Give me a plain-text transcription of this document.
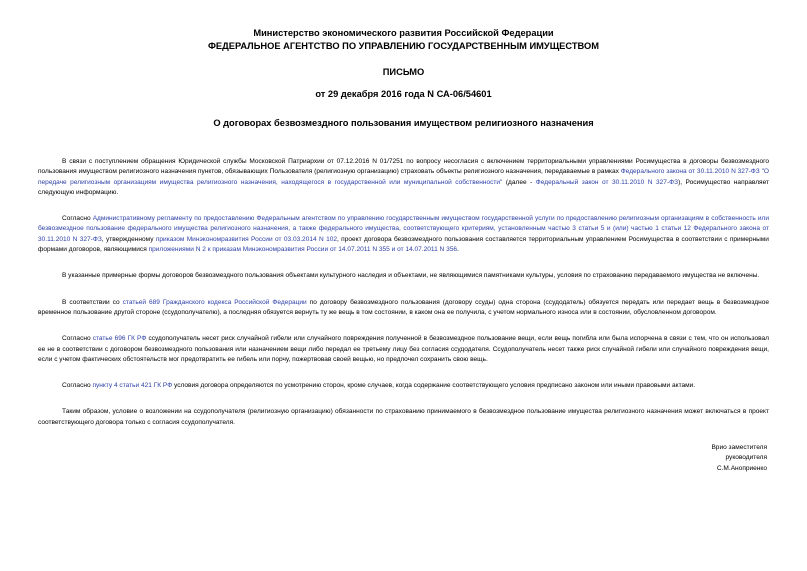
Министерство экономического развития Российской Федерации
ФЕДЕРАЛЬНОЕ АГЕНТСТВО ПО УПРАВЛЕНИЮ ГОСУДАРСТВЕННЫМ ИМУЩЕСТВОМ
ПИСЬМО
от 29 декабря 2016 года N СА-06/54601
О договорах безвозмездного пользования имуществом религиозного назначения

В связи с поступлением обращения Юридической службы Московской Патриархии от 07.12.2016 N 01/7251 по вопросу несогласия с включением территориальными управлениями Росимущества в договоры безвозмездного пользования имуществом религиозного назначения пунктов, обязывающих Пользователя (религиозную организацию) страховать объекты религиозного назначения, передаваемые в рамках Федерального закона от 30.11.2010 N 327-ФЗ "О передаче религиозным организациям имущества религиозного назначения, находящегося в государственной или муниципальной собственности" (далее - Федеральный закон от 30.11.2010 N 327-ФЗ), Росимущество направляет следующую информацию.

Согласно Административному регламенту по предоставлению Федеральным агентством по управлению государственным имуществом государственной услуги по предоставлению религиозным организациям в собственность или безвозмездное пользование федерального имущества религиозного назначения, а также федерального имущества, соответствующего критериям, установленным частью 3 статьи 5 и (или) частью 1 статьи 12 Федерального закона от 30.11.2010 N 327-ФЗ, утвержденному приказом Минэкономразвития России от 03.03.2014 N 102, проект договора безвозмездного пользования составляется территориальным управлением Росимущества в соответствии с примерными формами договоров, являющимися приложениями N 2 к приказам Минэкономразвития России от 14.07.2011 N 355 и от 14.07.2011 N 356.

В указанные примерные формы договоров безвозмездного пользования объектами культурного наследия и объектами, не являющимися памятниками культуры, условия по страхованию передаваемого имущества не включены.

В соответствии со статьей 689 Гражданского кодекса Российской Федерации по договору безвозмездного пользования (договору ссуды) одна сторона (ссудодатель) обязуется передать или передает вещь в безвозмездное временное пользование другой стороне (ссудополучателю), а последняя обязуется вернуть ту же вещь в том состоянии, в каком она ее получила, с учетом нормального износа или в состоянии, обусловленном договором.

Согласно статье 696 ГК РФ ссудополучатель несет риск случайной гибели или случайного повреждения полученной в безвозмездное пользование вещи, если вещь погибла или была испорчена в связи с тем, что он использовал ее не в соответствии с договором безвозмездного пользования или назначением вещи либо передал ее третьему лицу без согласия ссудодателя. Ссудополучатель несет также риск случайной гибели или случайного повреждения вещи, если с учетом фактических обстоятельств мог предотвратить ее гибель или порчу, пожертвовав своей вещью, но предпочел сохранить свою вещь.

Согласно пункту 4 статьи 421 ГК РФ условия договора определяются по усмотрению сторон, кроме случаев, когда содержание соответствующего условия предписано законом или иными правовыми актами.

Таким образом, условие о возложении на ссудополучателя (религиозную организацию) обязанности по страхованию принимаемого в безвозмездное пользование имущества религиозного назначения может включаться в проект соответствующего договора только с согласия ссудополучателя.

Врио заместителя
руководителя
С.М.Аноприенко
